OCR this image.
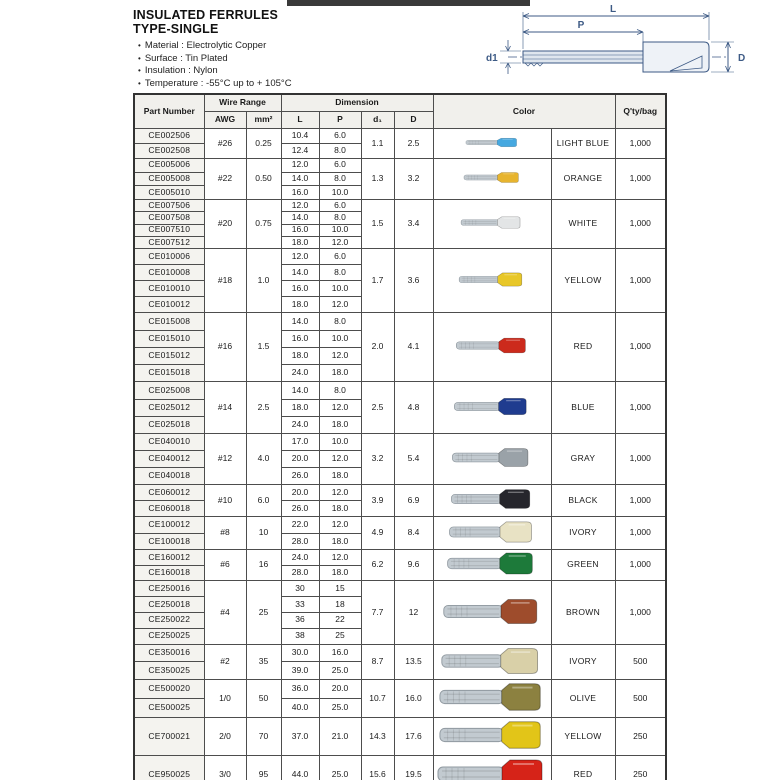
INSULATED FERRULES
TYPE-SINGLE
• Material : Electrolytic Copper
• Surface : Tin Plated
• Insulation : Nylon
• Temperature : -55°C up to + 105°C
L
P
d1	D
Part Number	Wire Range		Dimension				Color		Q'ty/bag
	AWG	mm²	L	P	d₁	D			
CE002506	#26	0.25	10.4	6.0	1.1	2.5		LIGHT BLUE	1,000
CE002508			12.4	8.0					
CE005006	#22	0.50	12.0	6.0	1.3	3.2		ORANGE	1,000
CE005008			14.0	8.0					
CE005010			16.0	10.0					
CE007506	#20	0.75	12.0	6.0	1.5	3.4		WHITE	1,000
CE007508			14.0	8.0					
CE007510			16.0	10.0					
CE007512			18.0	12.0					
CE010006	#18	1.0	12.0	6.0	1.7	3.6		YELLOW	1,000
CE010008			14.0	8.0					
CE010010			16.0	10.0					
CE010012			18.0	12.0					
CE015008	#16	1.5	14.0	8.0	2.0	4.1		RED	1,000
CE015010			16.0	10.0					
CE015012			18.0	12.0					
CE015018			24.0	18.0					
CE025008	#14	2.5	14.0	8.0	2.5	4.8		BLUE	1,000
CE025012			18.0	12.0					
CE025018			24.0	18.0					
CE040010	#12	4.0	17.0	10.0	3.2	5.4		GRAY	1,000
CE040012			20.0	12.0					
CE040018			26.0	18.0					
CE060012	#10	6.0	20.0	12.0	3.9	6.9		BLACK	1,000
CE060018			26.0	18.0					
CE100012	#8	10	22.0	12.0	4.9	8.4		IVORY	1,000
CE100018			28.0	18.0					
CE160012	#6	16	24.0	12.0	6.2	9.6		GREEN	1,000
CE160018			28.0	18.0					
CE250016	#4	25	30	15	7.7	12		BROWN	1,000
CE250018			33	18					
CE250022			36	22					
CE250025			38	25					
CE350016	#2	35	30.0	16.0	8.7	13.5		IVORY	500
CE350025			39.0	25.0					
CE500020	1/0	50	36.0	20.0	10.7	16.0		OLIVE	500
CE500025			40.0	25.0					
CE700021	2/0	70	37.0	21.0	14.3	17.6		YELLOW	250
CE950025	3/0	95	44.0	25.0	15.6	19.5		RED	250
